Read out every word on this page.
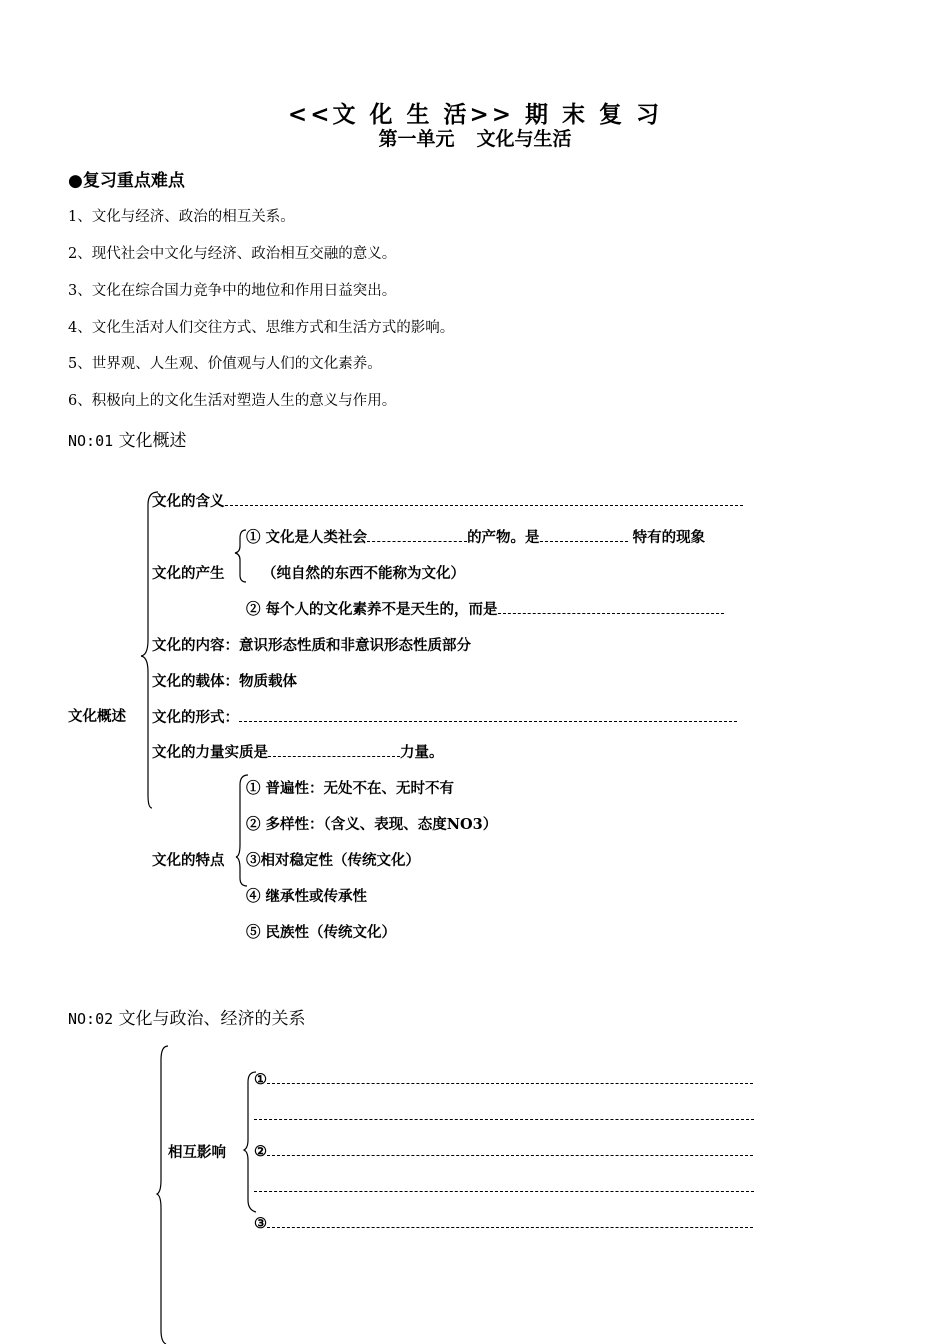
<<文 化 生 活>> 期 末 复 习
第一单元 文化与生活
●复习重点难点
1、文化与经济、政治的相互关系。
2、现代社会中文化与经济、政治相互交融的意义。
3、文化在综合国力竞争中的地位和作用日益突出。
4、文化生活对人们交往方式、思维方式和生活方式的影响。
5、世界观、人生观、价值观与人们的文化素养。
6、积极向上的文化生活对塑造人生的意义与作用。
NO:01 文化概述
文化概述
文化的含义
文化的产生
① 文化是人类社会	的产物。是	特有的现象
（纯自然的东西不能称为文化）
② 每个人的文化素养不是天生的，而是
文化的内容：意识形态性质和非意识形态性质部分
文化的载体：物质载体
文化的形式：
文化的力量实质是	力量。
文化的特点
① 普遍性：无处不在、无时不有
② 多样性：（含义、表现、态度NO3）
③相对稳定性（传统文化）
④ 继承性或传承性
⑤ 民族性（传统文化）
NO:02 文化与政治、经济的关系
相互影响
①
②
③
